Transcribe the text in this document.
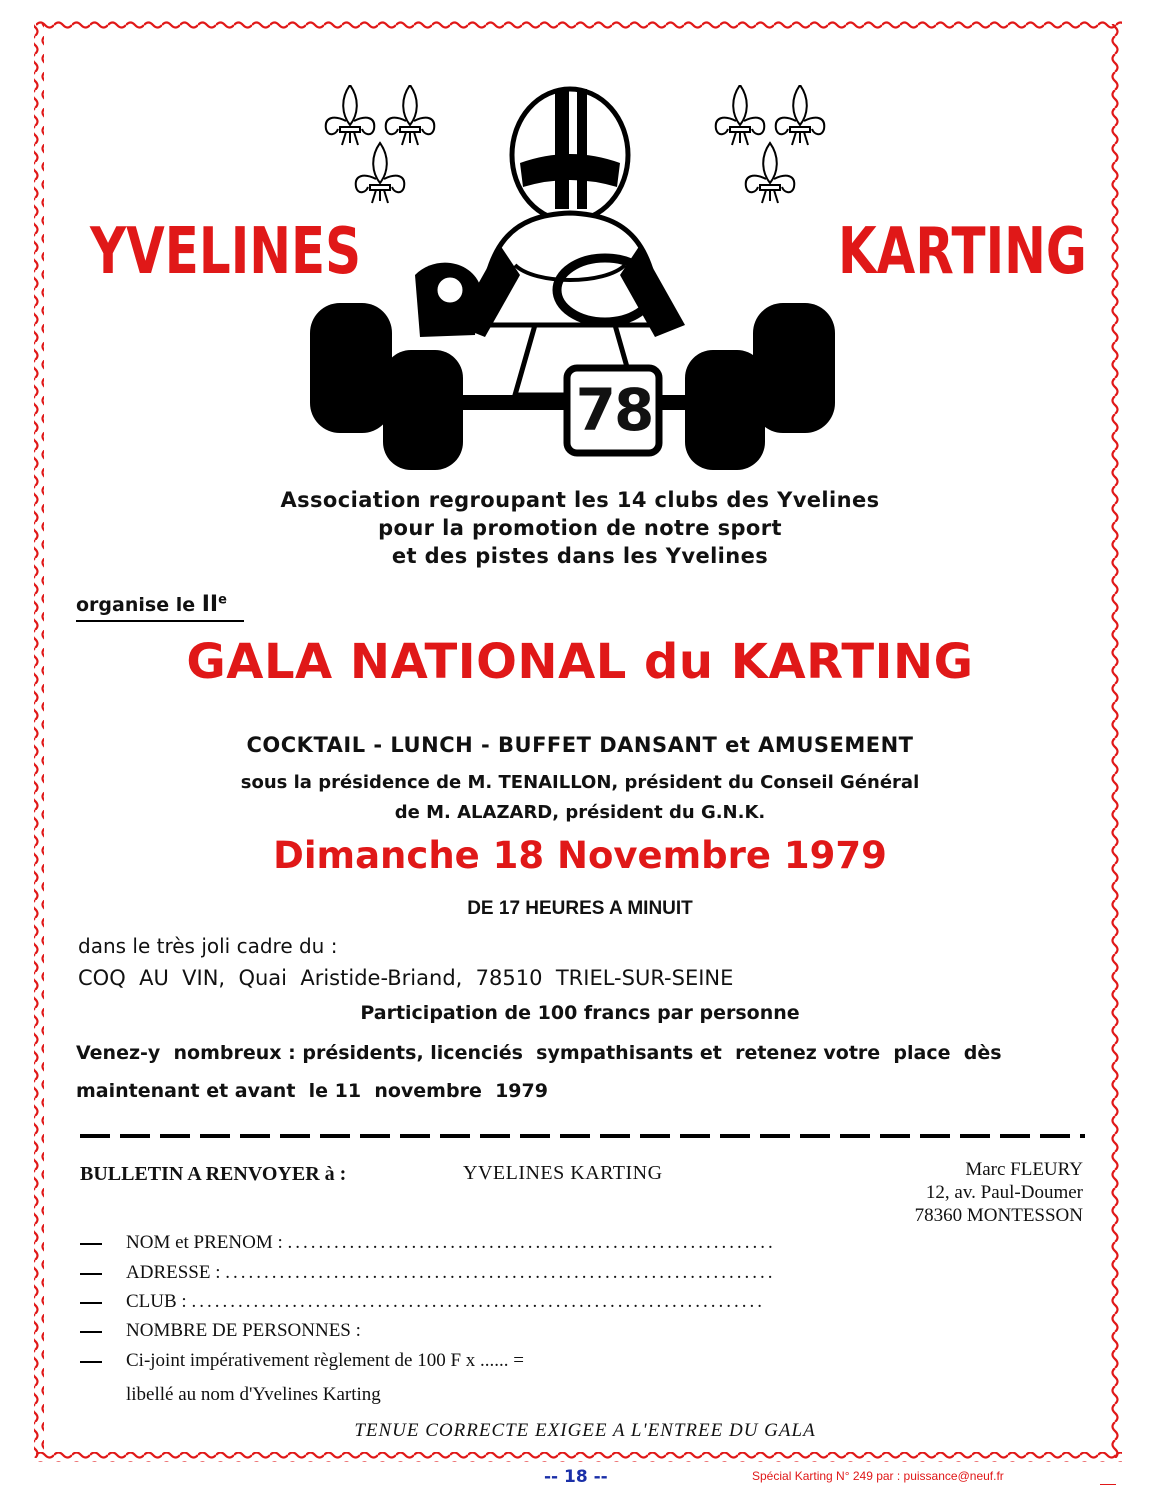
YVELINES	KARTING
78
Association regroupant les 14 clubs des Yvelines
pour la promotion de notre sport
et des pistes dans les Yvelines
organise le IIe
GALA NATIONAL du KARTING
COCKTAIL - LUNCH - BUFFET DANSANT et AMUSEMENT
sous la présidence de M. TENAILLON, président du Conseil Général
de M. ALAZARD, président du G.N.K.
Dimanche 18 Novembre 1979
DE 17 HEURES A MINUIT
dans le très joli cadre du :
COQ  AU  VIN,  Quai  Aristide-Briand,  78510  TRIEL-SUR-SEINE
Participation de 100 francs par personne
Venez-y  nombreux : présidents, licenciés  sympathisants et  retenez votre  place  dès
maintenant et avant  le 11  novembre  1979
BULLETIN A RENVOYER à :	YVELINES KARTING	Marc FLEURY
12, av. Paul-Doumer
78360 MONTESSON
NOM et PRENOM : ...............................................................
ADRESSE : .......................................................................
CLUB : ..........................................................................
NOMBRE DE PERSONNES :
Ci-joint impérativement règlement de 100 F x ...... =
libellé au nom d'Yvelines Karting
TENUE CORRECTE EXIGEE A L'ENTREE DU GALA
-- 18 --	Spécial Karting N° 249 par : puissance@neuf.fr
